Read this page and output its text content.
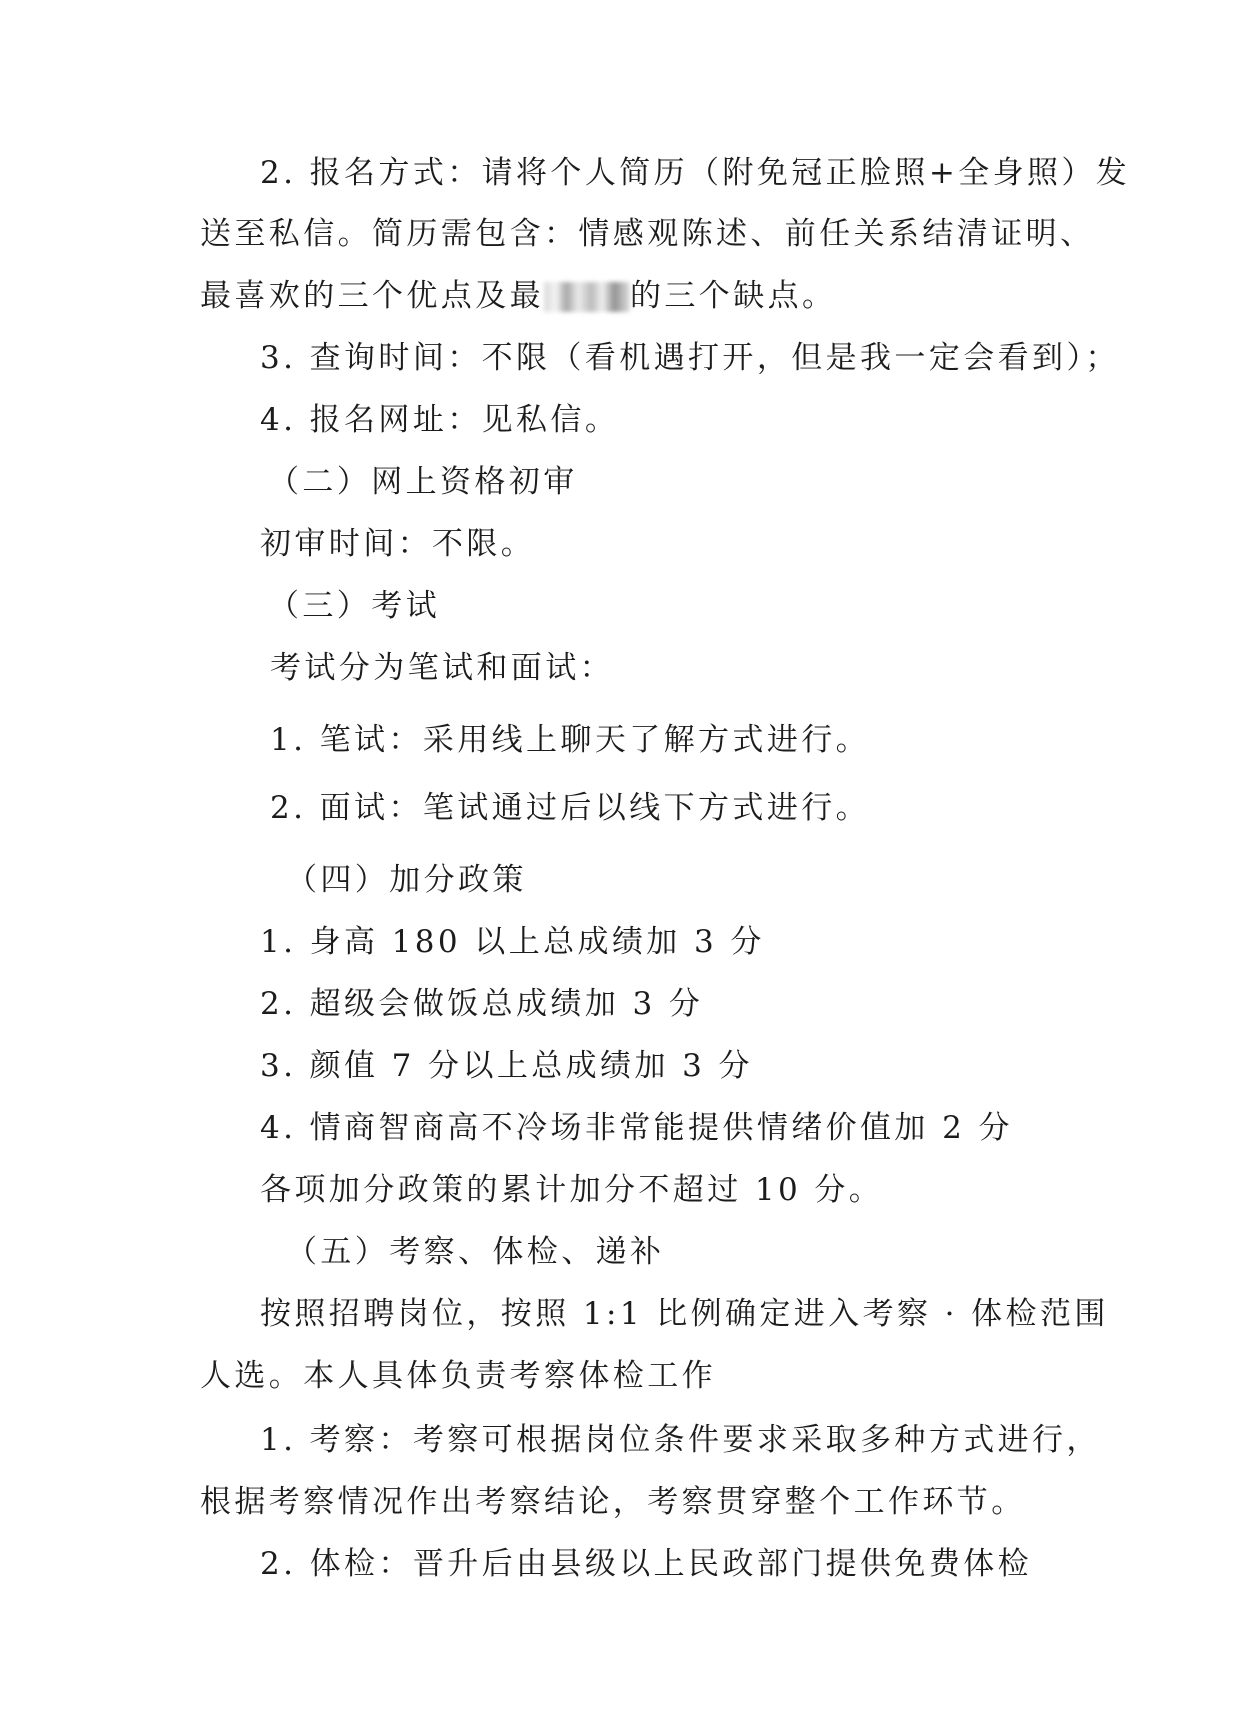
2. 报名方式：请将个人简历（附免冠正脸照+全身照）发

送至私信。简历需包含：情感观陈述、前任关系结清证明、

最喜欢的三个优点及最	的三个缺点。

3. 查询时间：不限（看机遇打开，但是我一定会看到）；

4. 报名网址：见私信。

（二）网上资格初审

初审时间：不限。

（三）考试

考试分为笔试和面试：

1. 笔试：采用线上聊天了解方式进行。

2. 面试：笔试通过后以线下方式进行。

（四）加分政策

1. 身高 180 以上总成绩加 3 分

2. 超级会做饭总成绩加 3 分

3. 颜值 7 分以上总成绩加 3 分

4. 情商智商高不冷场非常能提供情绪价值加 2 分

各项加分政策的累计加分不超过 10 分。

（五）考察、体检、递补

按照招聘岗位，按照 1:1 比例确定进入考察 · 体检范围

人选。本人具体负责考察体检工作

1. 考察：考察可根据岗位条件要求采取多种方式进行，

根据考察情况作出考察结论，考察贯穿整个工作环节。

2. 体检：晋升后由县级以上民政部门提供免费体检
